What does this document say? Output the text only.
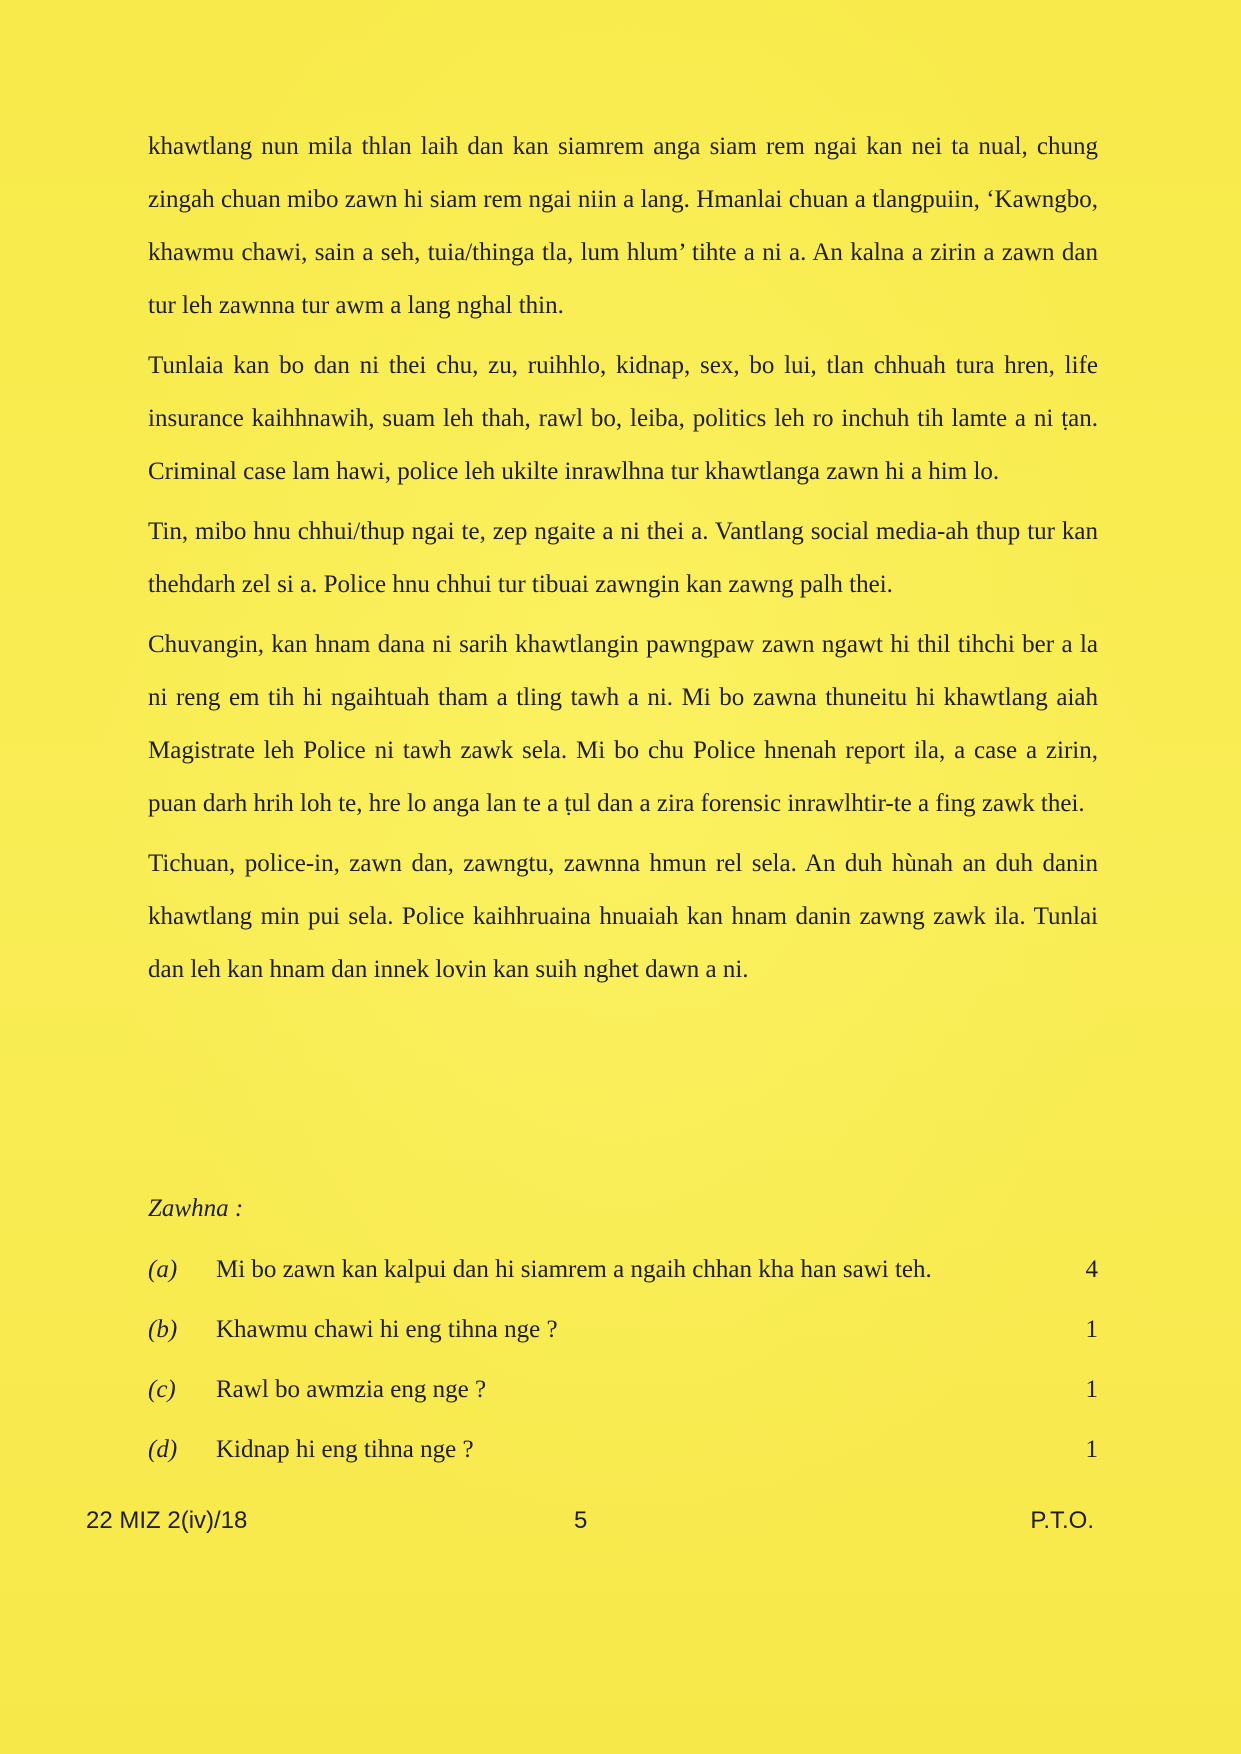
khawtlang nun mila thlan laih dan kan siamrem anga siam rem ngai kan nei ta nual, chung zingah chuan mibo zawn hi siam rem ngai niin a lang. Hmanlai chuan a tlangpuiin, ‘Kawngbo, khawmu chawi, sain a seh, tuia/thinga tla, lum hlum’ tihte a ni a. An kalna a zirin a zawn dan tur leh zawnna tur awm a lang nghal thin.

Tunlaia kan bo dan ni thei chu, zu, ruihhlo, kidnap, sex, bo lui, tlan chhuah tura hren, life insurance kaihhnawih, suam leh thah, rawl bo, leiba, politics leh ro inchuh tih lamte a ni ṭan. Criminal case lam hawi, police leh ukilte inrawlhna tur khawtlanga zawn hi a him lo.

Tin, mibo hnu chhui/thup ngai te, zep ngaite a ni thei a. Vantlang social media-ah thup tur kan thehdarh zel si a. Police hnu chhui tur tibuai zawngin kan zawng palh thei.

Chuvangin, kan hnam dana ni sarih khawtlangin pawngpaw zawn ngawt hi thil tihchi ber a la ni reng em tih hi ngaihtuah tham a tling tawh a ni. Mi bo zawna thuneitu hi khawtlang aiah Magistrate leh Police ni tawh zawk sela. Mi bo chu Police hnenah report ila, a case a zirin, puan darh hrih loh te, hre lo anga lan te a ṭul dan a zira forensic inrawlhtir-te a fing zawk thei.

Tichuan, police-in, zawn dan, zawngtu, zawnna hmun rel sela. An duh hùnah an duh danin khawtlang min pui sela. Police kaihhruaina hnuaiah kan hnam danin zawng zawk ila. Tunlai dan leh kan hnam dan innek lovin kan suih nghet dawn a ni.

Zawhna :

(a) Mi bo zawn kan kalpui dan hi siamrem a ngaih chhan kha han sawi teh.	4
(b) Khawmu chawi hi eng tihna nge ?	1
(c) Rawl bo awmzia eng nge ?	1
(d) Kidnap hi eng tihna nge ?	1
22 MIZ 2(iv)/18	5	P.T.O.
